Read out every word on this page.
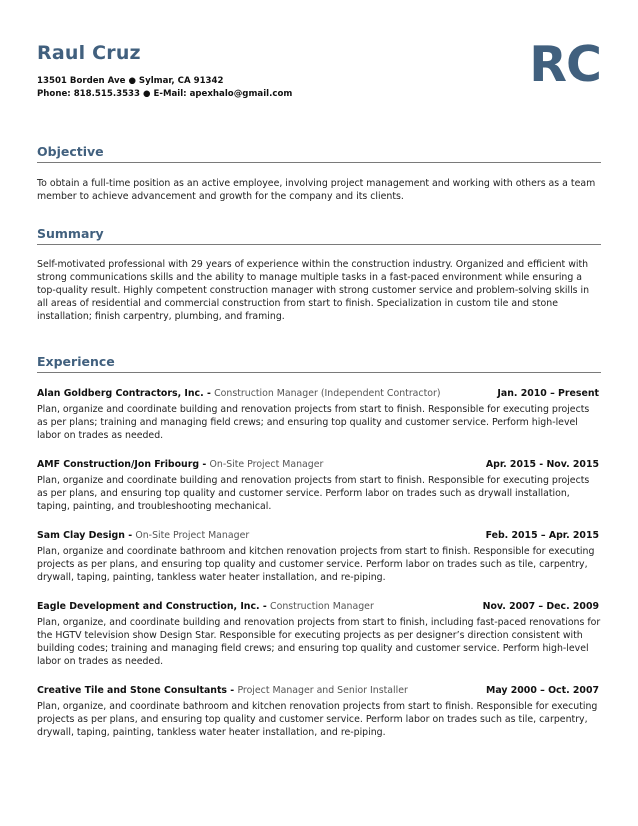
Raul Cruz
13501 Borden Ave ● Sylmar, CA 91342
Phone: 818.515.3533 ● E-Mail: apexhalo@gmail.com
RC
Objective
To obtain a full-time position as an active employee, involving project management and working with others as a team member to achieve advancement and growth for the company and its clients.
Summary
Self-motivated professional with 29 years of experience within the construction industry. Organized and efficient with strong communications skills and the ability to manage multiple tasks in a fast-paced environment while ensuring a top-quality result. Highly competent construction manager with strong customer service and problem-solving skills in all areas of residential and commercial construction from start to finish. Specialization in custom tile and stone installation; finish carpentry, plumbing, and framing.
Experience
Alan Goldberg Contractors, Inc. - Construction Manager (Independent Contractor)	Jan. 2010 – Present
Plan, organize and coordinate building and renovation projects from start to finish. Responsible for executing projects as per plans; training and managing field crews; and ensuring top quality and customer service. Perform high-level labor on trades as needed.
AMF Construction/Jon Fribourg - On-Site Project Manager	Apr. 2015 - Nov. 2015
Plan, organize and coordinate building and renovation projects from start to finish. Responsible for executing projects as per plans, and ensuring top quality and customer service. Perform labor on trades such as drywall installation, taping, painting, and troubleshooting mechanical.
Sam Clay Design - On-Site Project Manager	Feb. 2015 – Apr. 2015
Plan, organize and coordinate bathroom and kitchen renovation projects from start to finish. Responsible for executing projects as per plans, and ensuring top quality and customer service. Perform labor on trades such as tile, carpentry, drywall, taping, painting, tankless water heater installation, and re-piping.
Eagle Development and Construction, Inc. - Construction Manager	Nov. 2007 – Dec. 2009
Plan, organize, and coordinate building and renovation projects from start to finish, including fast-paced renovations for the HGTV television show Design Star. Responsible for executing projects as per designer’s direction consistent with building codes; training and managing field crews; and ensuring top quality and customer service. Perform high-level labor on trades as needed.
Creative Tile and Stone Consultants - Project Manager and Senior Installer	May 2000 – Oct. 2007
Plan, organize, and coordinate bathroom and kitchen renovation projects from start to finish. Responsible for executing projects as per plans, and ensuring top quality and customer service. Perform labor on trades such as tile, carpentry, drywall, taping, painting, tankless water heater installation, and re-piping.
